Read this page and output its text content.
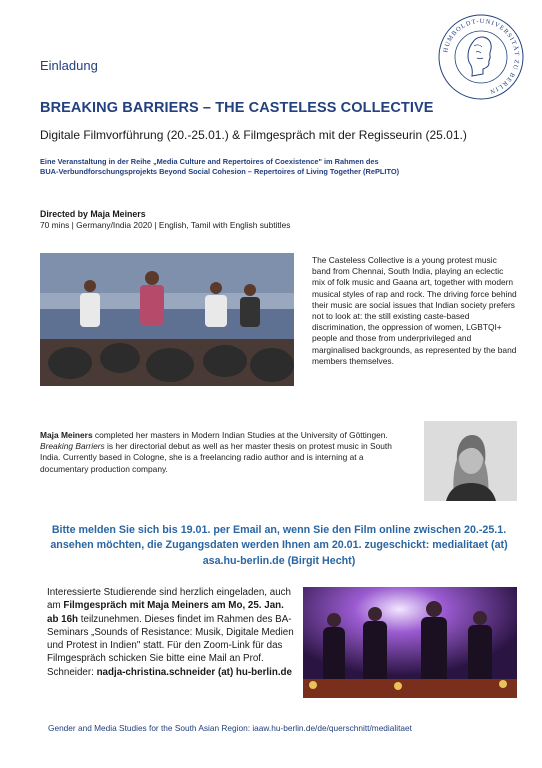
Einladung
HUMBOLDT-UNIVERSITÄT ZU BERLIN
BREAKING BARRIERS – THE CASTELESS COLLECTIVE
Digitale Filmvorführung (20.-25.01.) & Filmgespräch mit der Regisseurin (25.01.)
Eine Veranstaltung in der Reihe „Media Culture and Repertoires of Coexistence" im Rahmen des
BUA-Verbundforschungsprojekts Beyond Social Cohesion – Repertoires of Living Together (RePLITO)
Directed by Maja Meiners
70 mins | Germany/India 2020 | English, Tamil with English subtitles
The Casteless Collective is a young protest music band from Chennai, South India, playing an eclectic mix of folk music and Gaana art, together with modern musical styles of rap and rock. The driving force behind their music are social issues that Indian society prefers not to look at: the still existing caste-based discrimination, the oppression of women, LGBTQI+ people and those from underprivileged and marginalised backgrounds, as represented by the band members themselves.
Maja Meiners completed her masters in Modern Indian Studies at the University of Göttingen. Breaking Barriers is her directorial debut as well as her master thesis on protest music in South India. Currently based in Cologne, she is a freelancing radio author and is interning at a documentary production company.
Bitte melden Sie sich bis 19.01. per Email an, wenn Sie den Film online zwischen 20.-25.1. ansehen möchten, die Zugangsdaten werden Ihnen am 20.01. zugeschickt: medialitaet (at) asa.hu-berlin.de (Birgit Hecht)
Interessierte Studierende sind herzlich eingeladen, auch am Filmgespräch mit Maja Meiners am Mo, 25. Jan. ab 16h teilzunehmen. Dieses findet im Rahmen des BA-Seminars „Sounds of Resistance: Musik, Digitale Medien und Protest in Indien" statt. Für den Zoom-Link für das Filmgespräch schicken Sie bitte eine Mail an Prof. Schneider: nadja-christina.schneider (at) hu-berlin.de
Gender and Media Studies for the South Asian Region: iaaw.hu-berlin.de/de/querschnitt/medialitaet
